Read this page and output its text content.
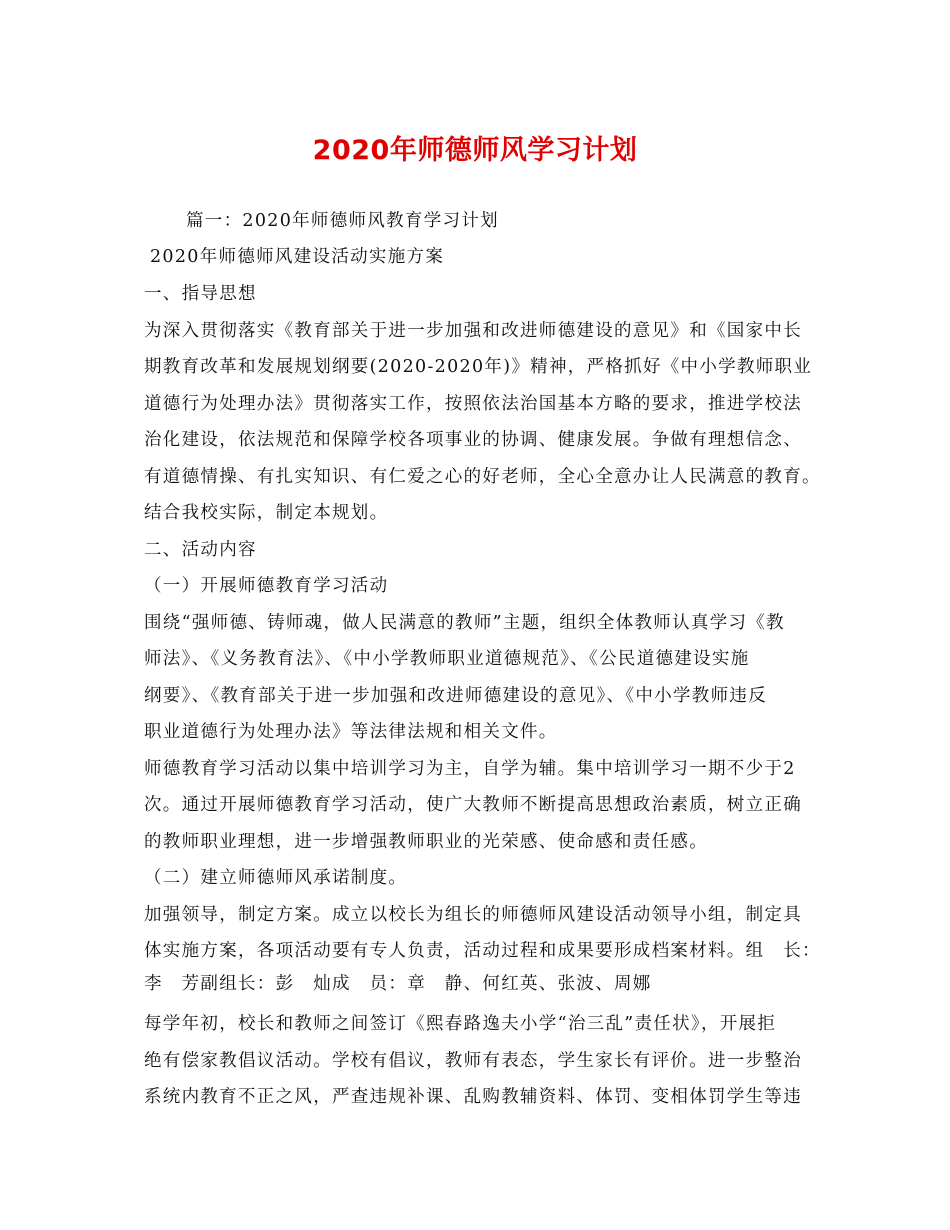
2020年师德师风学习计划
篇一：2020年师德师风教育学习计划
2020年师德师风建设活动实施方案
一、指导思想
为深入贯彻落实《教育部关于进一步加强和改进师德建设的意见》和《国家中长
期教育改革和发展规划纲要(2020-2020年)》精神，严格抓好《中小学教师职业
道德行为处理办法》贯彻落实工作，按照依法治国基本方略的要求，推进学校法
治化建设，依法规范和保障学校各项事业的协调、健康发展。争做有理想信念、
有道德情操、有扎实知识、有仁爱之心的好老师，全心全意办让人民满意的教育。
结合我校实际，制定本规划。
二、活动内容
（一）开展师德教育学习活动
围绕“强师德、铸师魂，做人民满意的教师”主题，组织全体教师认真学习《教
师法》、《义务教育法》、《中小学教师职业道德规范》、《公民道德建设实施
纲要》、《教育部关于进一步加强和改进师德建设的意见》、《中小学教师违反
职业道德行为处理办法》等法律法规和相关文件。
师德教育学习活动以集中培训学习为主，自学为辅。集中培训学习一期不少于2
次。通过开展师德教育学习活动，使广大教师不断提高思想政治素质，树立正确
的教师职业理想，进一步增强教师职业的光荣感、使命感和责任感。
（二）建立师德师风承诺制度。
加强领导，制定方案。成立以校长为组长的师德师风建设活动领导小组，制定具
体实施方案，各项活动要有专人负责，活动过程和成果要形成档案材料。组　长：
李　芳副组长：彭　灿成　员：章　静、何红英、张波、周娜
每学年初，校长和教师之间签订《熙春路逸夫小学“治三乱”责任状》，开展拒
绝有偿家教倡议活动。学校有倡议，教师有表态，学生家长有评价。进一步整治
系统内教育不正之风，严查违规补课、乱购教辅资料、体罚、变相体罚学生等违
